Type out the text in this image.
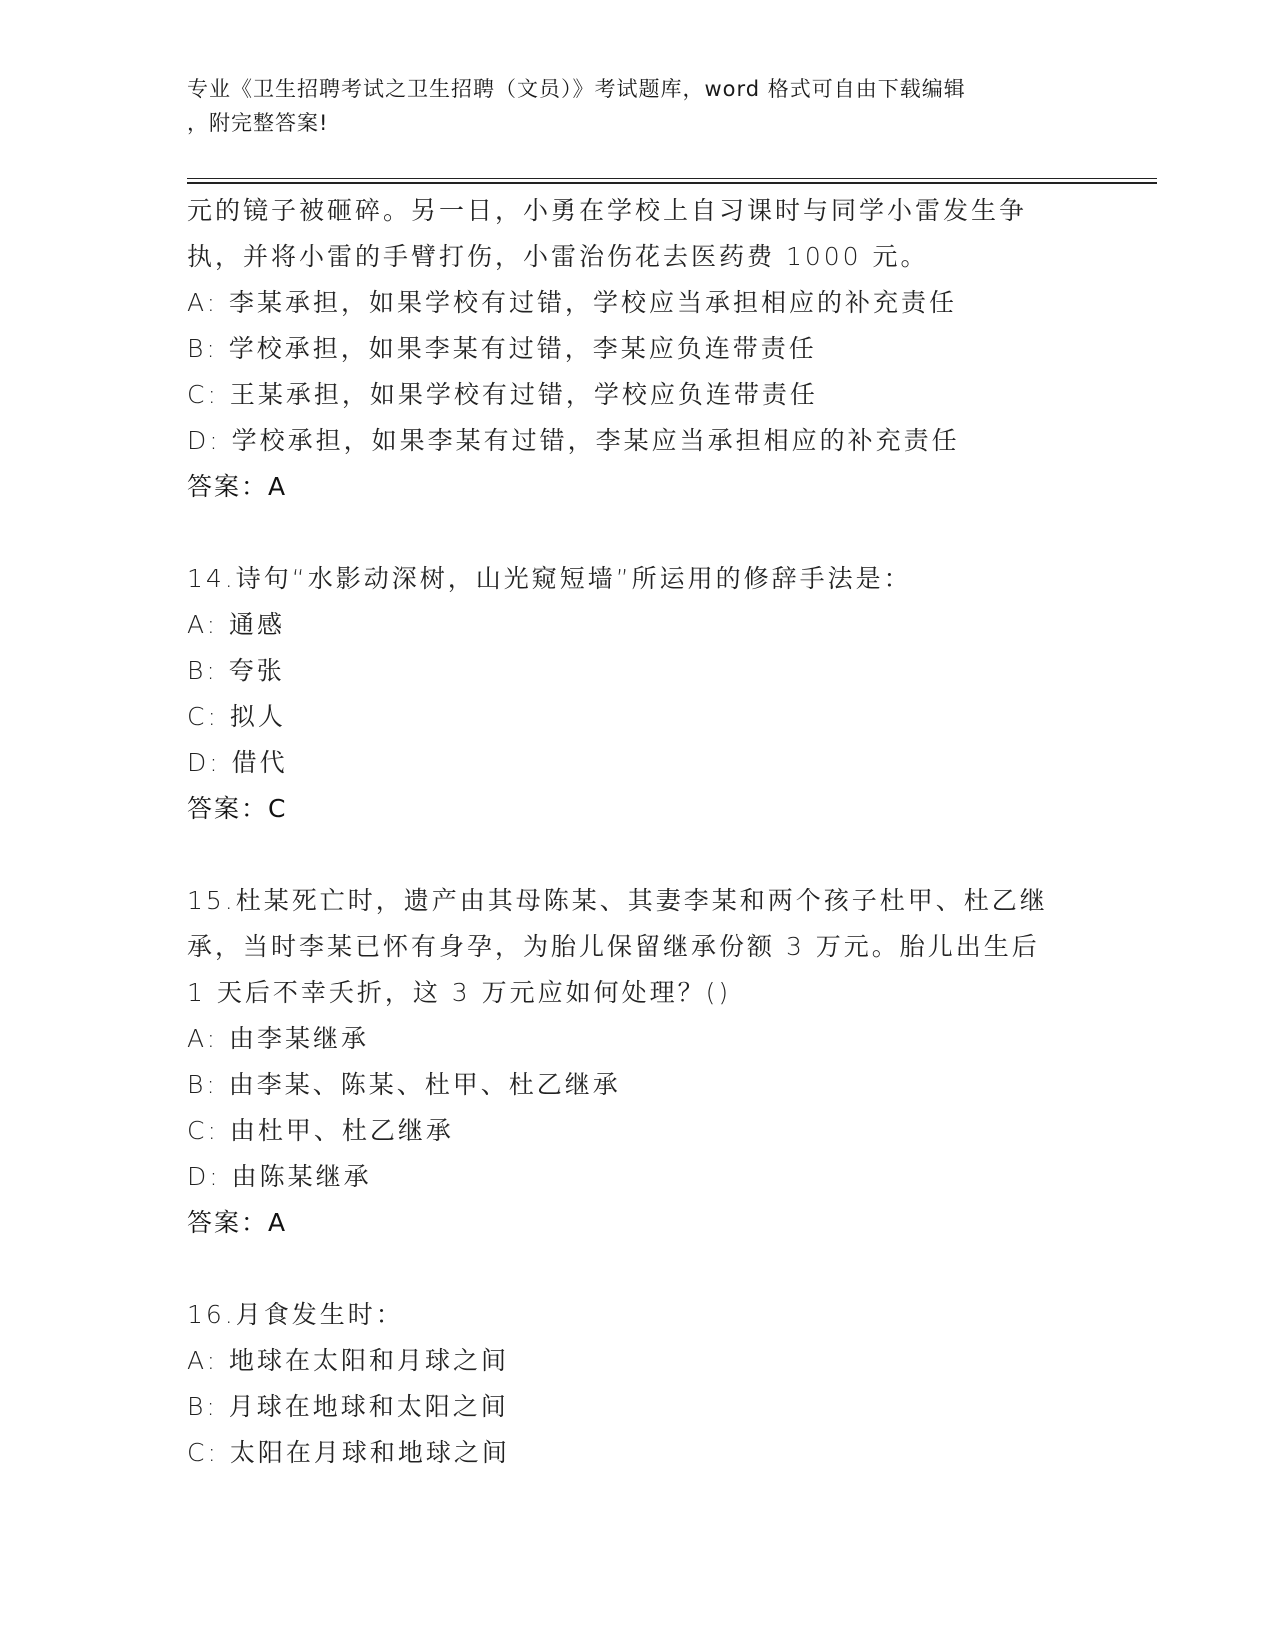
专业《卫生招聘考试之卫生招聘（文员）》考试题库，word 格式可自由下载编辑
，附完整答案!
元的镜子被砸碎。另一日，小勇在学校上自习课时与同学小雷发生争
执，并将小雷的手臂打伤，小雷治伤花去医药费 1000 元。
A: 李某承担，如果学校有过错，学校应当承担相应的补充责任
B: 学校承担，如果李某有过错，李某应负连带责任
C: 王某承担，如果学校有过错，学校应负连带责任
D: 学校承担，如果李某有过错，李某应当承担相应的补充责任
答案：A
14.诗句“水影动深树，山光窥短墙”所运用的修辞手法是：
A: 通感
B: 夸张
C: 拟人
D: 借代
答案：C
15.杜某死亡时，遗产由其母陈某、其妻李某和两个孩子杜甲、杜乙继
承，当时李某已怀有身孕，为胎儿保留继承份额 3 万元。胎儿出生后
1 天后不幸夭折，这 3 万元应如何处理？()
A: 由李某继承
B: 由李某、陈某、杜甲、杜乙继承
C: 由杜甲、杜乙继承
D: 由陈某继承
答案：A
16.月食发生时：
A: 地球在太阳和月球之间
B: 月球在地球和太阳之间
C: 太阳在月球和地球之间
